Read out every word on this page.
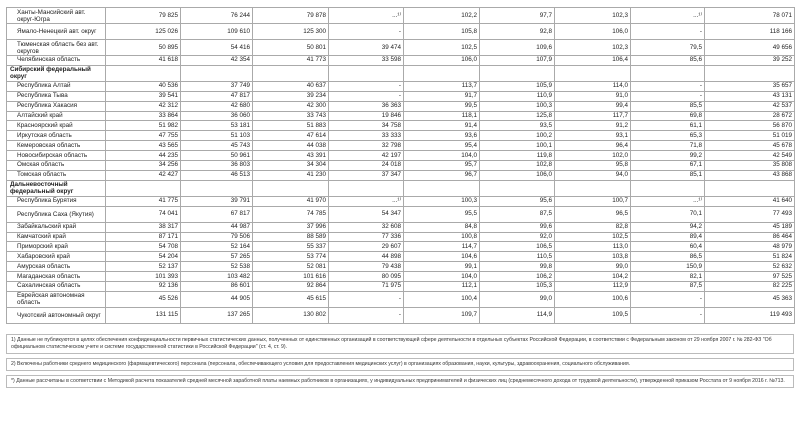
Ханты-Мансийский авт. округ-Югра	79 825	76 244	79 878	...¹⁾	102,2	97,7	102,3	...¹⁾	78 071
Ямало-Ненецкий авт. округ	125 026	109 610	125 300	-	105,8	92,8	106,0	-	118 166
Тюменская область без авт. округов	50 895	54 416	50 801	39 474	102,5	109,6	102,3	79,5	49 656
Челябинская область	41 618	42 354	41 773	33 598	106,0	107,9	106,4	85,6	39 252
Сибирский федеральный округ									
Республика Алтай	40 536	37 749	40 637	-	113,7	105,9	114,0	-	35 657
Республика Тыва	39 541	47 817	39 234	-	91,7	110,9	91,0	-	43 131
Республика Хакасия	42 312	42 680	42 300	36 363	99,5	100,3	99,4	85,5	42 537
Алтайский край	33 864	36 060	33 743	19 846	118,1	125,8	117,7	69,8	28 672
Красноярский край	51 982	53 181	51 883	34 758	91,4	93,5	91,2	61,1	56 870
Иркутская область	47 755	51 103	47 614	33 333	93,6	100,2	93,1	65,3	51 019
Кемеровская область	43 565	45 743	44 038	32 798	95,4	100,1	96,4	71,8	45 678
Новосибирская область	44 235	50 961	43 391	42 197	104,0	119,8	102,0	99,2	42 549
Омская область	34 256	36 803	34 304	24 018	95,7	102,8	95,8	67,1	35 808
Томская область	42 427	46 513	41 230	37 347	96,7	106,0	94,0	85,1	43 868
Дальневосточный федеральный округ									
Республика Бурятия	41 775	39 791	41 970	...¹⁾	100,3	95,6	100,7	...¹⁾	41 640
Республика Саха (Якутия)	74 041	67 817	74 785	54 347	95,5	87,5	96,5	70,1	77 493
Забайкальский край	38 317	44 987	37 996	32 608	84,8	99,6	82,8	94,2	45 189
Камчатский край	87 171	79 506	88 589	77 336	100,8	92,0	102,5	89,4	86 464
Приморский край	54 708	52 164	55 337	29 607	114,7	106,5	113,0	60,4	48 979
Хабаровский край	54 204	57 265	53 774	44 898	104,6	110,5	103,8	86,5	51 824
Амурская область	52 137	52 538	52 081	79 438	99,1	99,8	99,0	150,9	52 632
Магаданская область	101 393	103 482	101 616	80 095	104,0	106,2	104,2	82,1	97 525
Сахалинская область	92 136	86 601	92 864	71 975	112,1	105,3	112,9	87,5	82 225
Еврейская автономная область	45 526	44 905	45 615	-	100,4	99,0	100,6	-	45 363
Чукотский автономный округ	131 115	137 265	130 802	-	109,7	114,9	109,5	-	119 493
1) Данные не публикуются в целях обеспечения конфиденциальности первичных статистических данных, полученных от единственных организаций в соответствующей сфере деятельности в отдельных субъектах Российской Федерации, в соответствии с Федеральным законом от 29 ноября 2007 г. № 282-ФЗ "Об официальном статистическом учете и системе государственной статистики в Российской Федерации" (ст. 4, ст. 9).
2) Включены работники среднего медицинского (фармацевтического) персонала (персонала, обеспечивающего условия для предоставления медицинских услуг) в организациях образования, науки, культуры, здравоохранения, социального обслуживания.
*) Данные рассчитаны в соответствии с Методикой расчета показателей средней месячной заработной платы наемных работников в организациях, у индивидуальных предпринимателей и физических лиц (среднемесячного дохода от трудовой деятельности), утвержденной приказом Росстата от 9 ноября 2016 г. №713.
